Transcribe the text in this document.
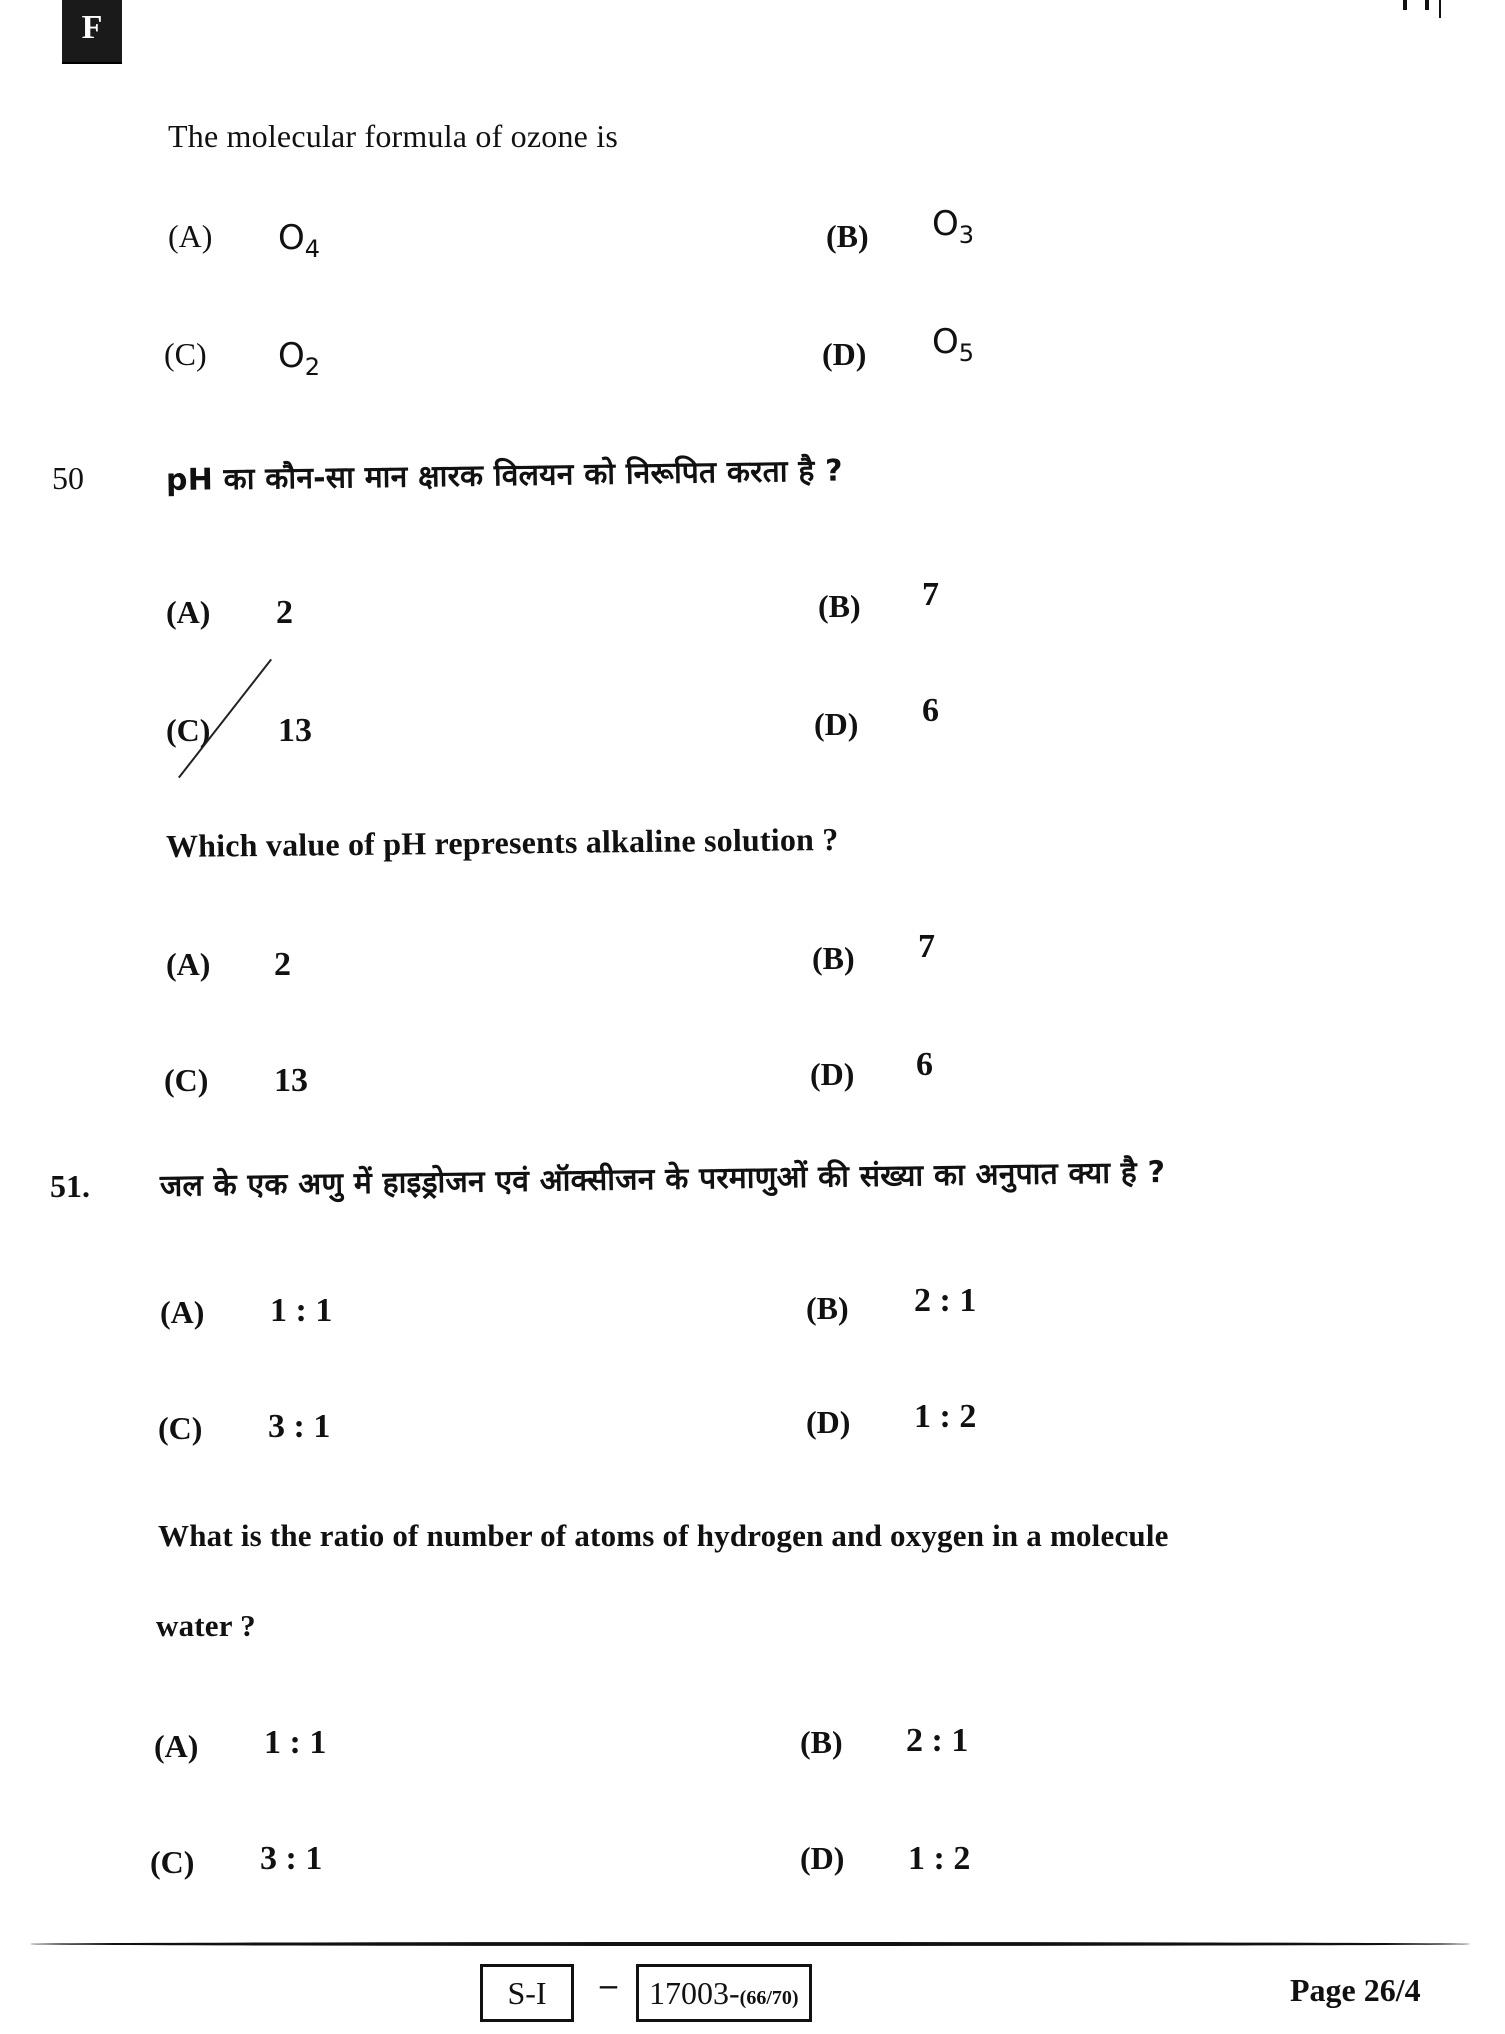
F
The molecular formula of ozone is
(A) $O_4$	(B) $O_3$
(C) $O_2$	(D) $O_5$
50	pH का कौन-सा मान क्षारक विलयन को निरूपित करता है ?
(A) 2	(B) 7
(C) 13	(D) 6
Which value of pH represents alkaline solution ?
(A) 2	(B) 7
(C) 13	(D) 6
51. जल के एक अणु में हाइड्रोजन एवं ऑक्सीजन के परमाणुओं की संख्या का अनुपात क्या है ?
(A) 1 : 1	(B) 2 : 1
(C) 3 : 1	(D) 1 : 2
What is the ratio of number of atoms of hydrogen and oxygen in a molecule
water ?
(A) 1 : 1	(B) 2 : 1
(C) 3 : 1	(D) 1 : 2
S-I	–	17003-(66/70)	Page 26/4
